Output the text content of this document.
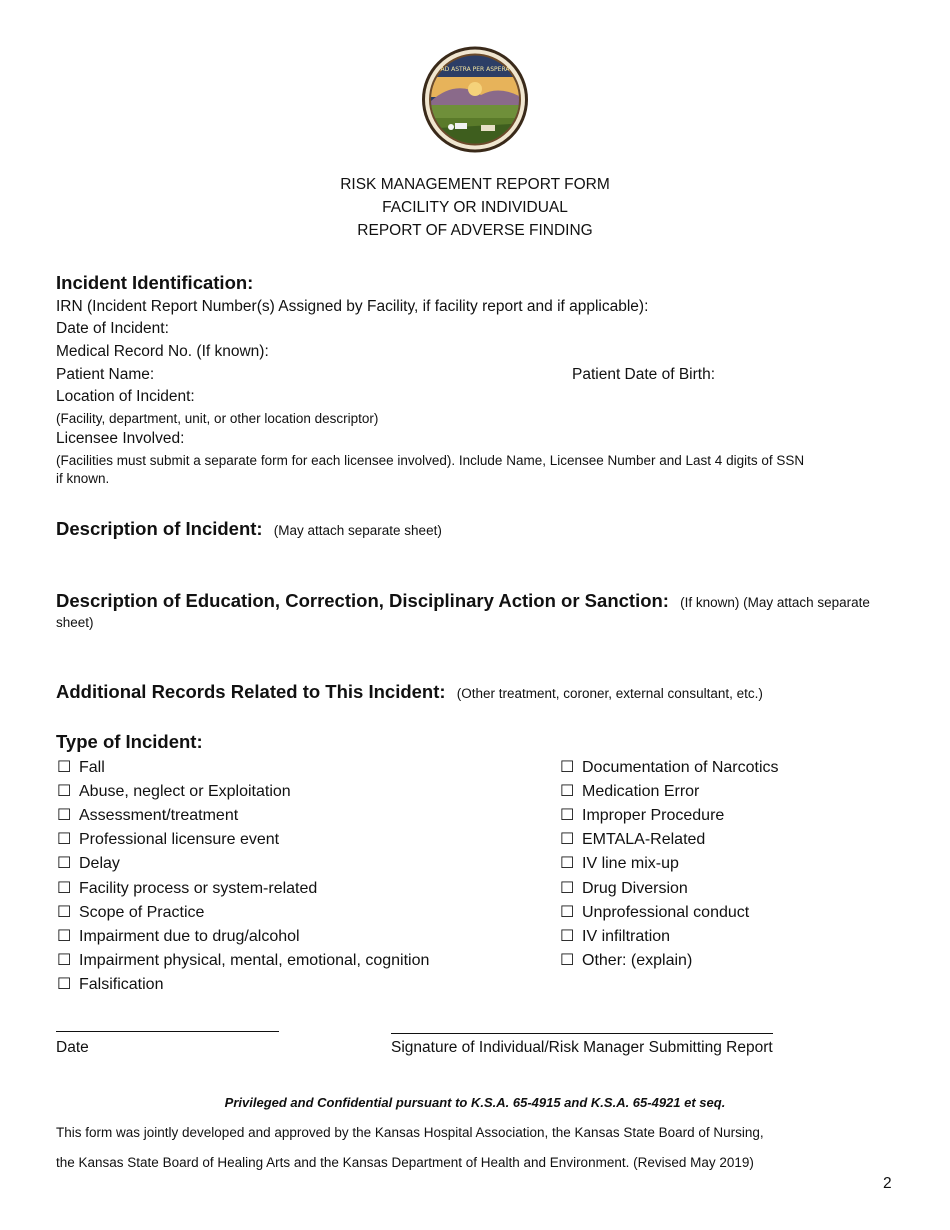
AD ASTRA PER ASPERA
RISK MANAGEMENT REPORT FORM
FACILITY OR INDIVIDUAL
REPORT OF ADVERSE FINDING
Incident Identification:
IRN (Incident Report Number(s) Assigned by Facility, if facility report and if applicable):
Date of Incident:
Medical Record No. (If known):
Patient Name:	Patient Date of Birth:
Location of Incident:
(Facility, department, unit, or other location descriptor)
Licensee Involved:
(Facilities must submit a separate form for each licensee involved). Include Name, Licensee Number and Last 4 digits of SSN
if known.
Description of Incident: (May attach separate sheet)
Description of Education, Correction, Disciplinary Action or Sanction: (If known) (May attach separate
sheet)
Additional Records Related to This Incident: (Other treatment, coroner, external consultant, etc.)
Type of Incident:
☐ Fall
☐ Abuse, neglect or Exploitation
☐ Assessment/treatment
☐ Professional licensure event
☐ Delay
☐ Facility process or system-related
☐ Scope of Practice
☐ Impairment due to drug/alcohol
☐ Impairment physical, mental, emotional, cognition
☐ Falsification
☐ Documentation of Narcotics
☐ Medication Error
☐ Improper Procedure
☐ EMTALA-Related
☐ IV line mix-up
☐ Drug Diversion
☐ Unprofessional conduct
☐ IV infiltration
☐ Other: (explain)
Date	Signature of Individual/Risk Manager Submitting Report
Privileged and Confidential pursuant to K.S.A. 65-4915 and K.S.A. 65-4921 et seq.
This form was jointly developed and approved by the Kansas Hospital Association, the Kansas State Board of Nursing,
the Kansas State Board of Healing Arts and the Kansas Department of Health and Environment. (Revised May 2019)
2
